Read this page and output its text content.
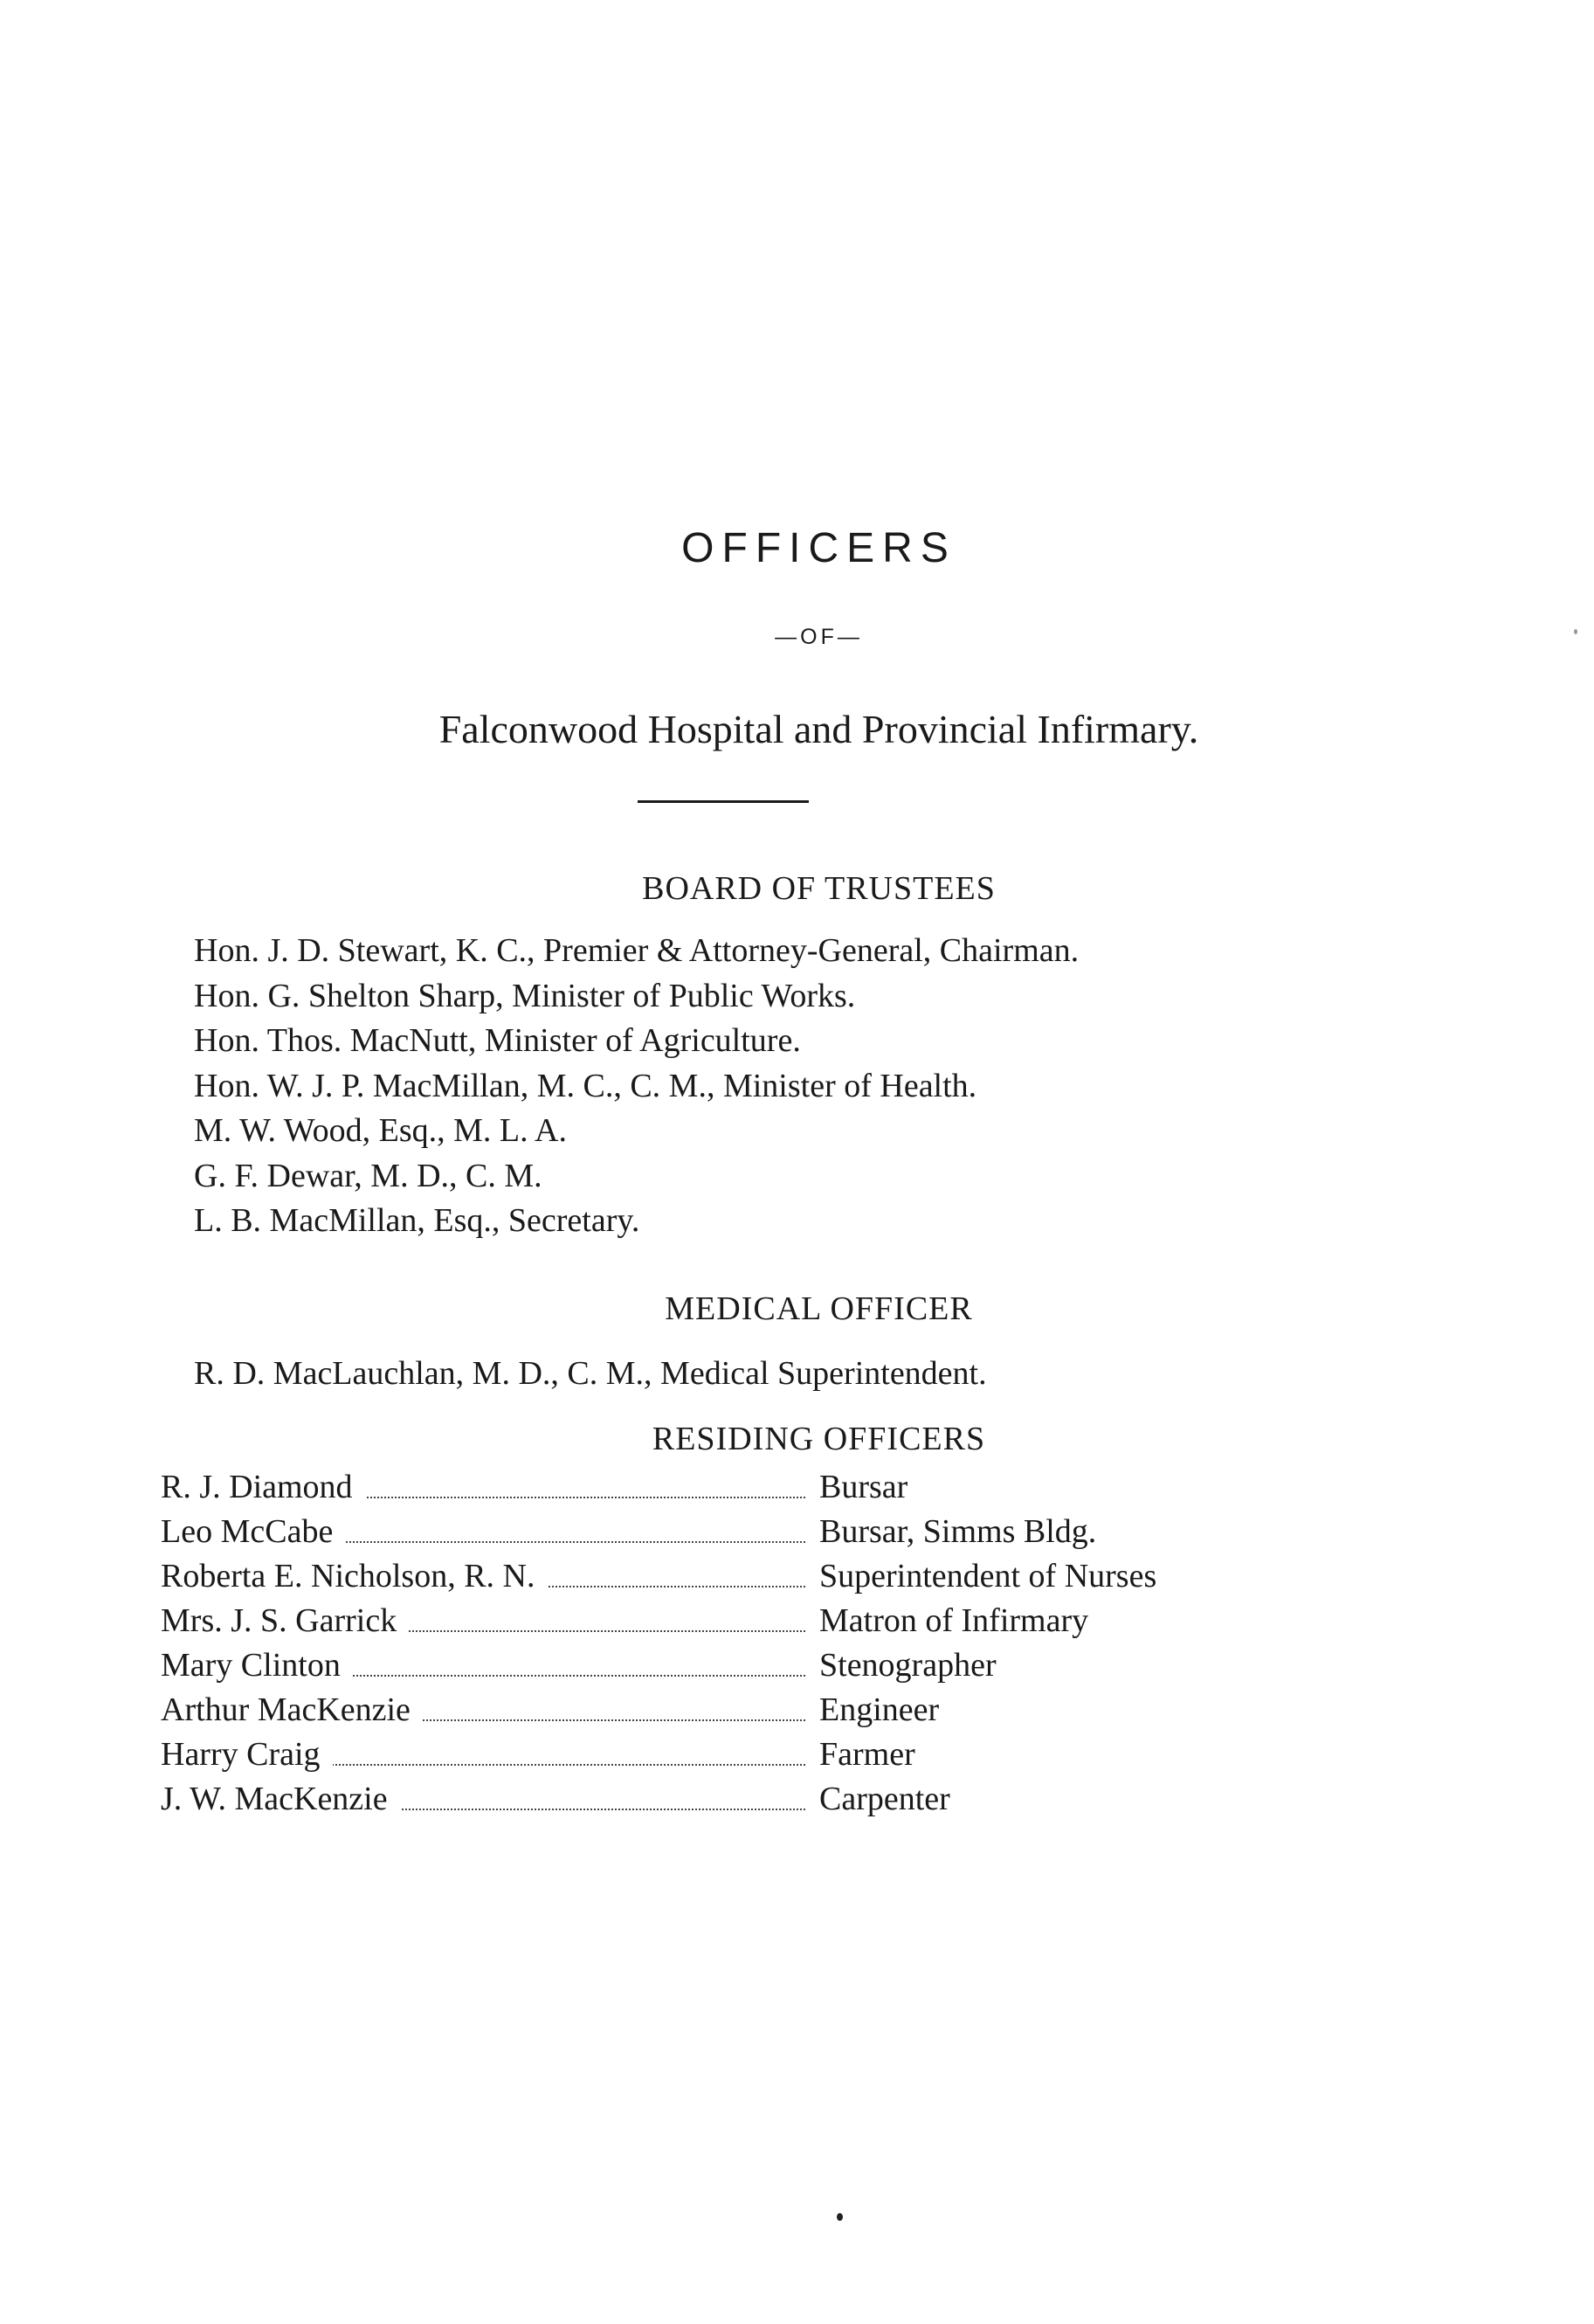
OFFICERS
—OF—
Falconwood Hospital and Provincial Infirmary.
BOARD OF TRUSTEES
Hon. J. D. Stewart, K. C., Premier & Attorney-General, Chairman.
Hon. G. Shelton Sharp, Minister of Public Works.
Hon. Thos. MacNutt, Minister of Agriculture.
Hon. W. J. P. MacMillan, M. C., C. M., Minister of Health.
M. W. Wood, Esq., M. L. A.
G. F. Dewar, M. D., C. M.
L. B. MacMillan, Esq., Secretary.
MEDICAL OFFICER
R. D. MacLauchlan, M. D., C. M., Medical Superintendent.
RESIDING OFFICERS
R. J. Diamond	Bursar
Leo McCabe	Bursar, Simms Bldg.
Roberta E. Nicholson, R. N.	Superintendent of Nurses
Mrs. J. S. Garrick	Matron of Infirmary
Mary Clinton	Stenographer
Arthur MacKenzie	Engineer
Harry Craig	Farmer
J. W. MacKenzie	Carpenter
